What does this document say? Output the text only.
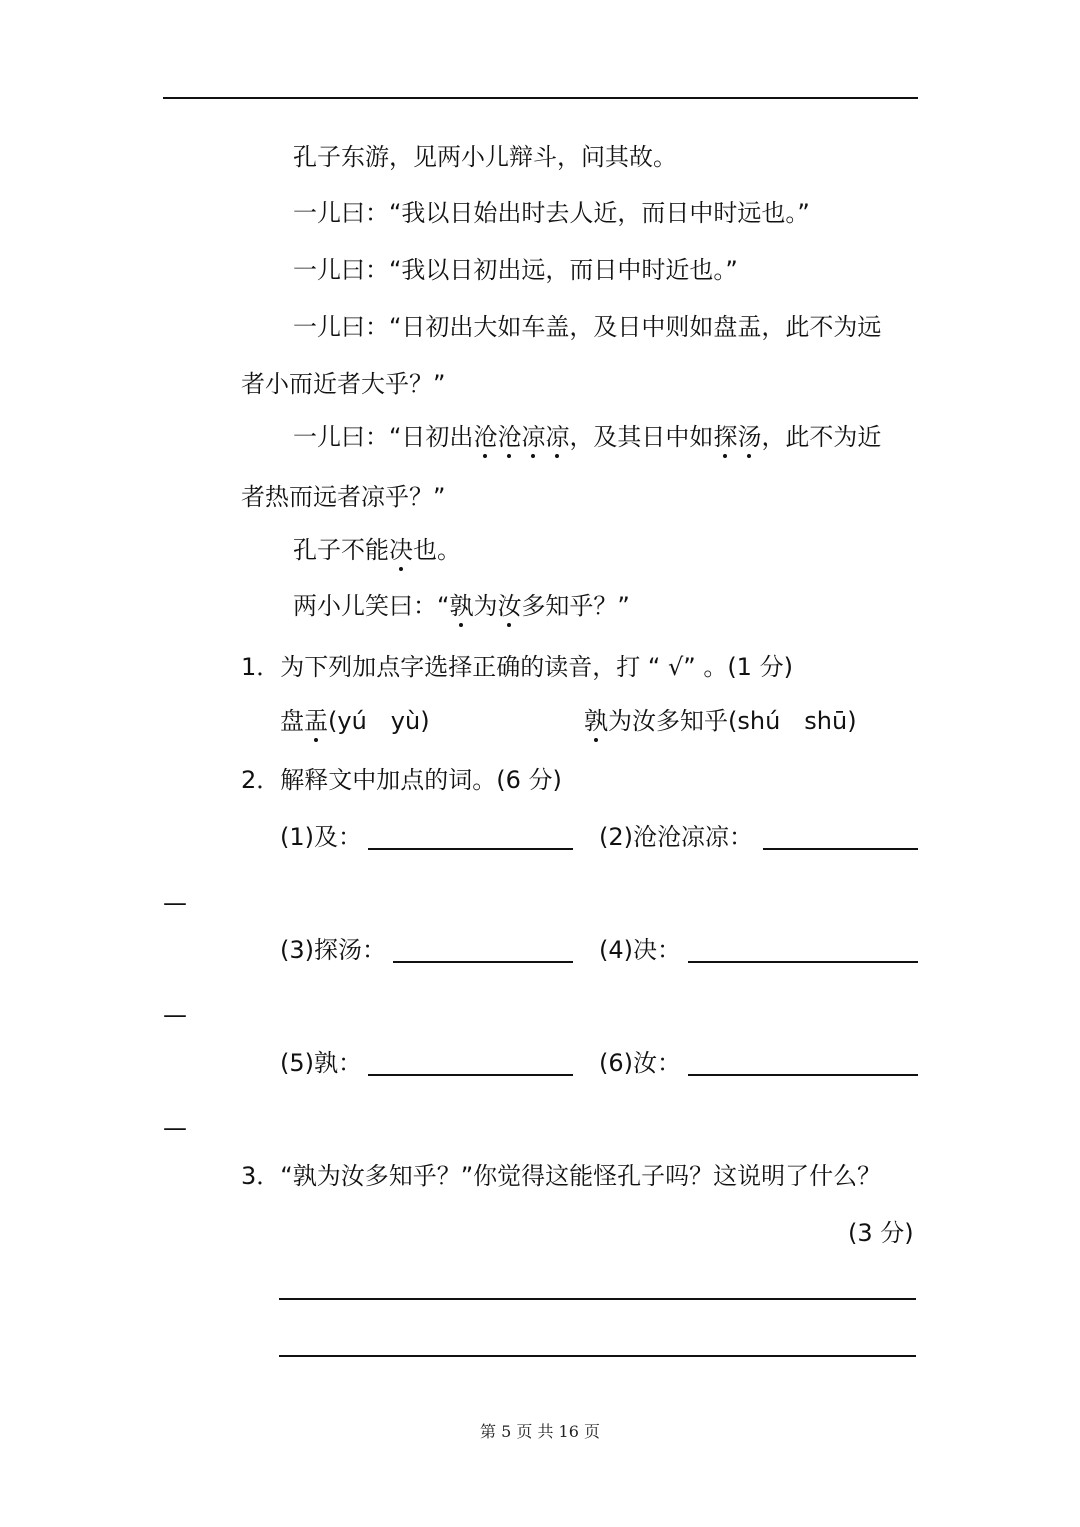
孔子东游，见两小儿辩斗，问其故。
一儿曰：“我以日始出时去人近，而日中时远也。”
一儿曰：“我以日初出远，而日中时近也。”
一儿曰：“日初出大如车盖，及日中则如盘盂，此不为远
者小而近者大乎？”
一儿曰：“日初出沧沧凉凉，及其日中如探汤，此不为近
者热而远者凉乎？”
孔子不能决也。
两小儿笑曰：“孰为汝多知乎？”
1．为下列加点字选择正确的读音，打 “ √” 。(1 分)
盘盂(yú　yù)	孰为汝多知乎(shú　shū)
2．解释文中加点的词。(6 分)
(1)及：	(2)沧沧凉凉：
—
(3)探汤：	(4)决：
—
(5)孰：	(6)汝：
—
3．“孰为汝多知乎？”你觉得这能怪孔子吗？这说明了什么？
(3 分)
第 5 页 共 16 页
